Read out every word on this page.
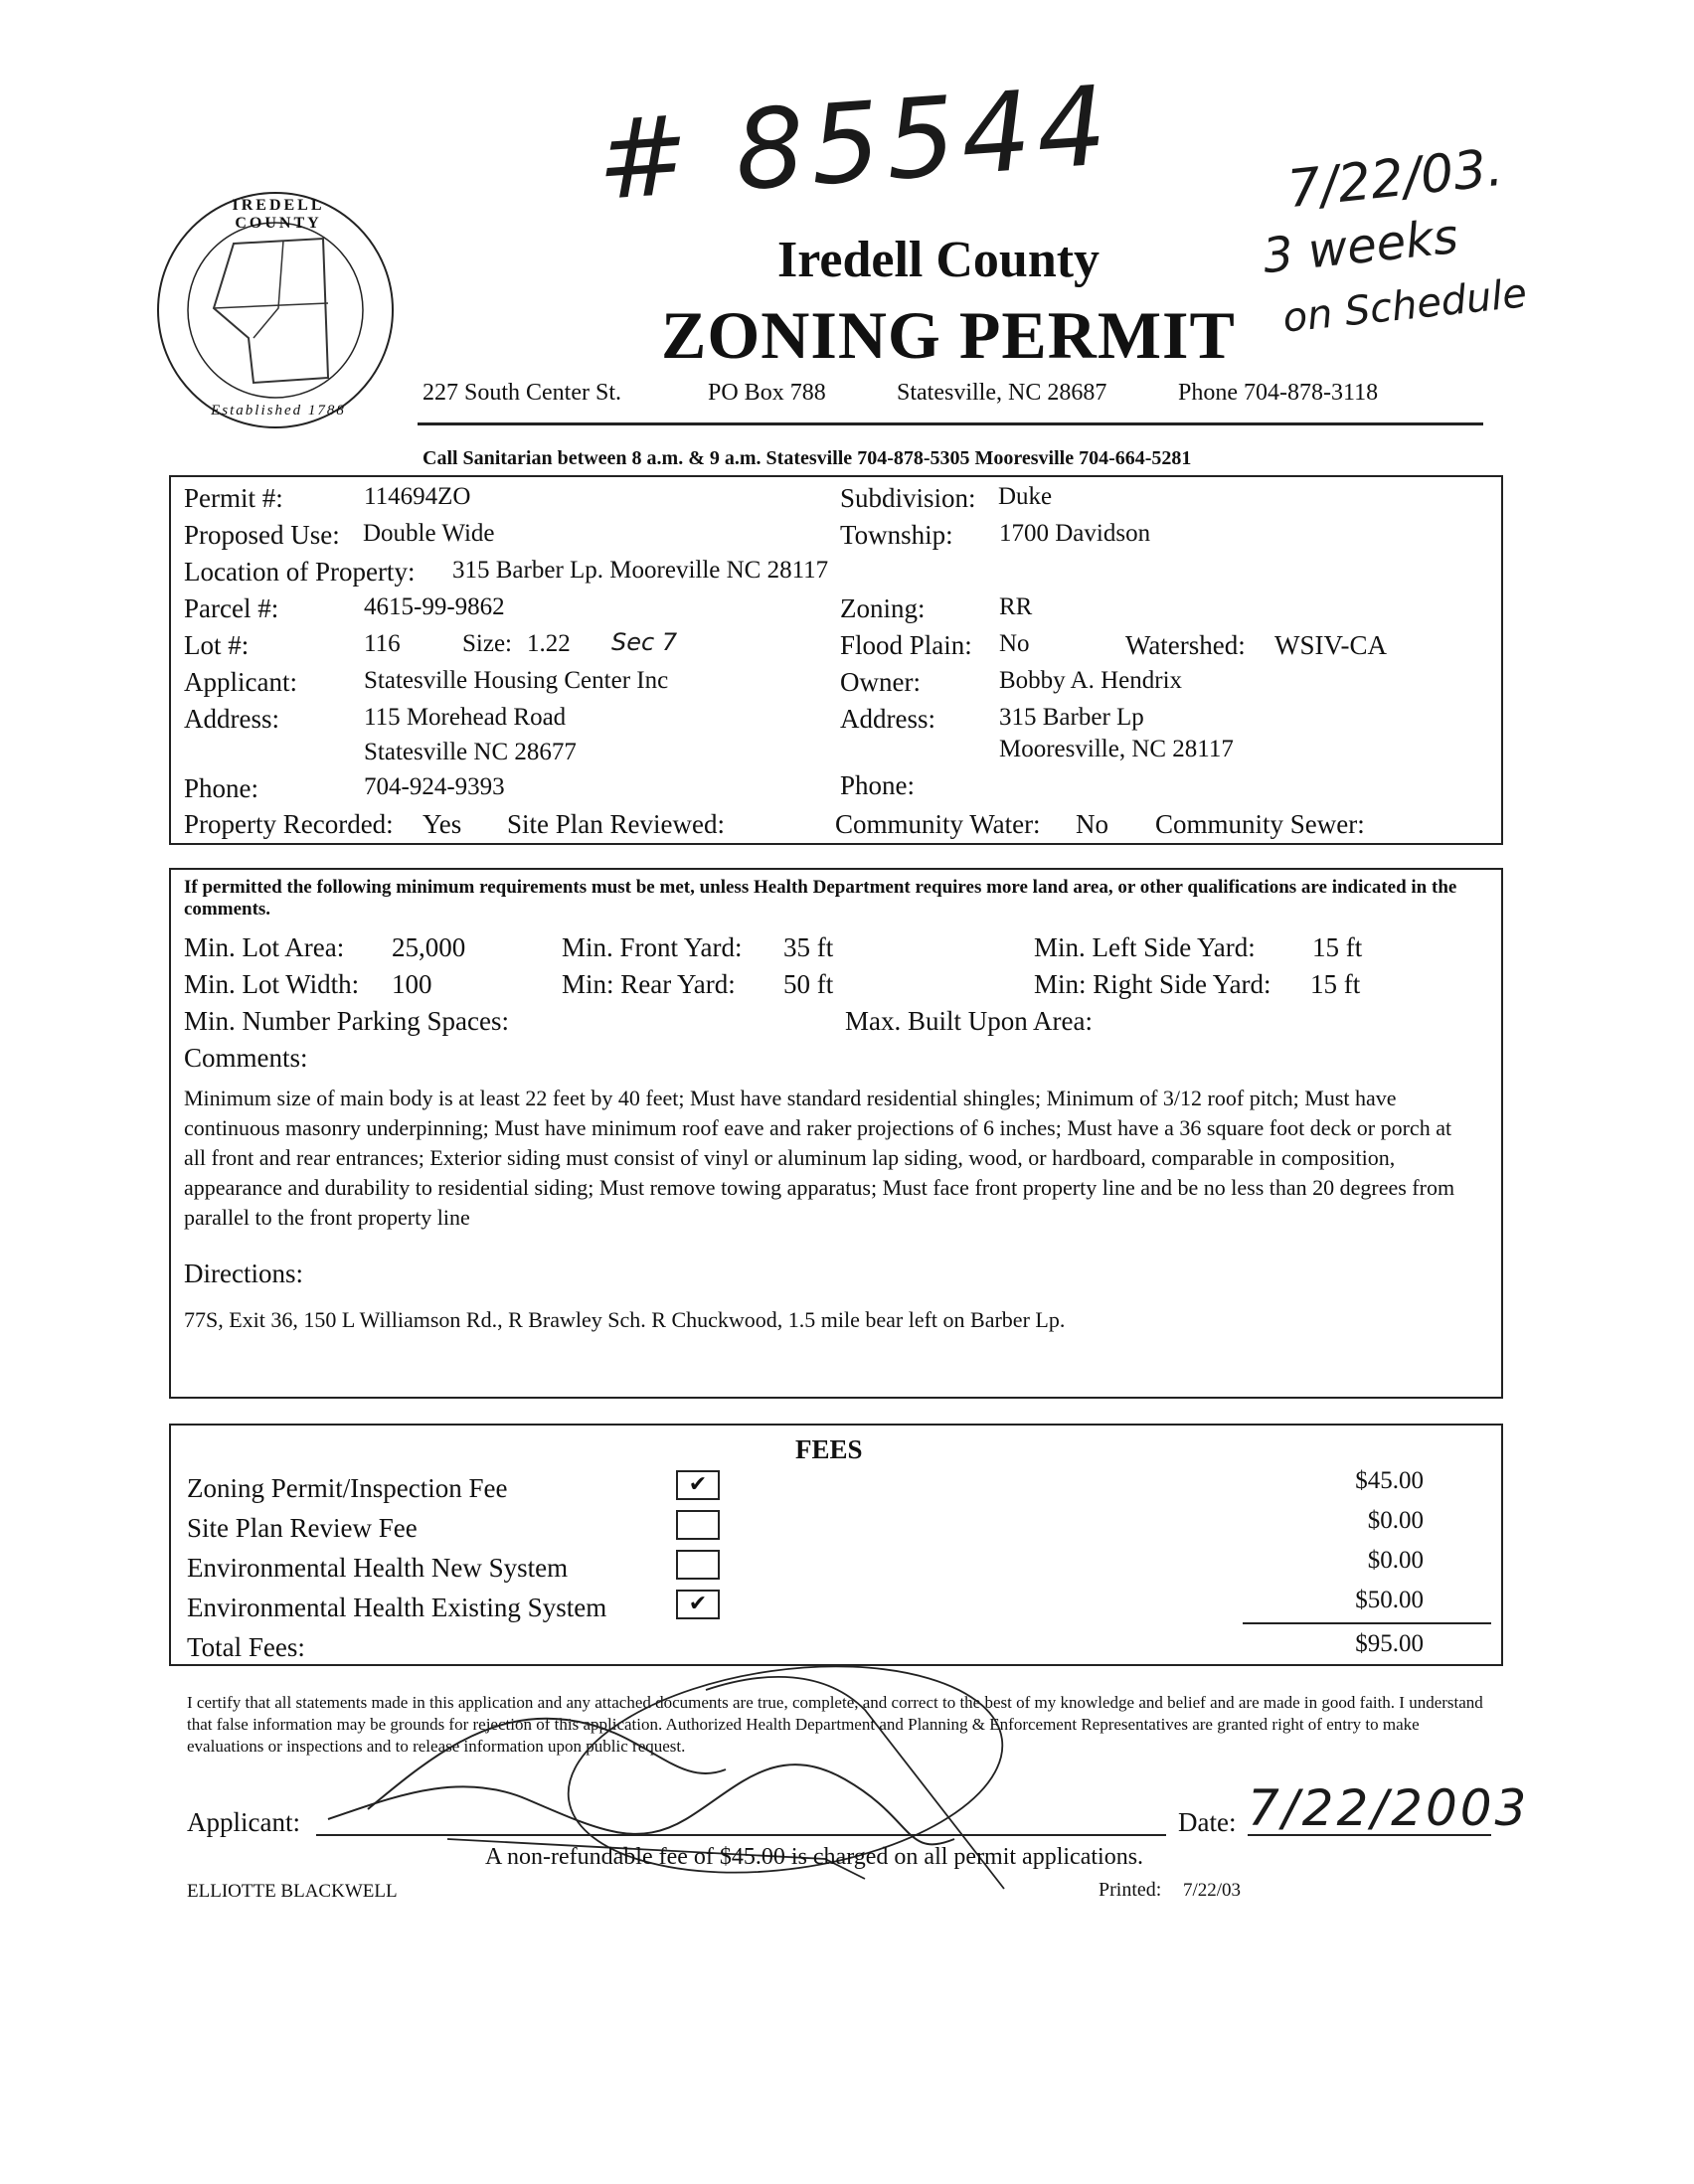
# 85544	7/22/03.
3 weeks
on Schedule
IREDELL COUNTY
Established 1788
Iredell County
ZONING PERMIT
227 South Center St.	PO Box 788	Statesville, NC 28687	Phone 704-878-3118
Call Sanitarian between 8 a.m. & 9 a.m. Statesville 704-878-5305 Mooresville 704-664-5281
Permit #:	114694ZO	Subdivision: Duke
Proposed Use: Double Wide	Township: 1700 Davidson
Location of Property: 315 Barber Lp. Mooreville NC 28117
Parcel #:	4615-99-9862	Zoning:	RR
Lot #:	116 Size: 1.22 Sec 7	Flood Plain: No	Watershed: WSIV-CA
Applicant:	Statesville Housing Center Inc	Owner:	Bobby A. Hendrix
Address:	115 Morehead Road	Address:	315 Barber Lp
Statesville NC 28677	Mooresville, NC 28117
Phone:	704-924-9393	Phone:
Property Recorded: Yes Site Plan Reviewed:	Community Water: No Community Sewer:
If permitted the following minimum requirements must be met, unless Health Department requires more land area, or other qualifications are indicated in the comments.
Min. Lot Area: 25,000	Min. Front Yard: 35 ft	Min. Left Side Yard: 15 ft
Min. Lot Width: 100	Min: Rear Yard: 50 ft	Min: Right Side Yard: 15 ft
Min. Number Parking Spaces:	Max. Built Upon Area:
Comments:
Minimum size of main body is at least 22 feet by 40 feet; Must have standard residential shingles; Minimum of 3/12 roof pitch; Must have continuous masonry underpinning; Must have minimum roof eave and raker projections of 6 inches; Must have a 36 square foot deck or porch at all front and rear entrances; Exterior siding must consist of vinyl or aluminum lap siding, wood, or hardboard, comparable in composition, appearance and durability to residential siding; Must remove towing apparatus; Must face front property line and be no less than 20 degrees from parallel to the front property line
Directions:
77S, Exit 36, 150 L Williamson Rd., R Brawley Sch. R Chuckwood, 1.5 mile bear left on Barber Lp.
FEES
Zoning Permit/Inspection Fee	✔	$45.00
Site Plan Review Fee	$0.00
Environmental Health New System	$0.00
Environmental Health Existing System	✔	$50.00
Total Fees:	$95.00
I certify that all statements made in this application and any attached documents are true, complete, and correct to the best of my knowledge and belief and are made in good faith. I understand that false information may be grounds for rejection of this application. Authorized Health Department and Planning & Enforcement Representatives are granted right of entry to make evaluations or inspections and to release information upon public request.
Applicant:	Date: 7/22/2003
A non-refundable fee of $45.00 is charged on all permit applications.
ELLIOTTE BLACKWELL	Printed: 7/22/03
